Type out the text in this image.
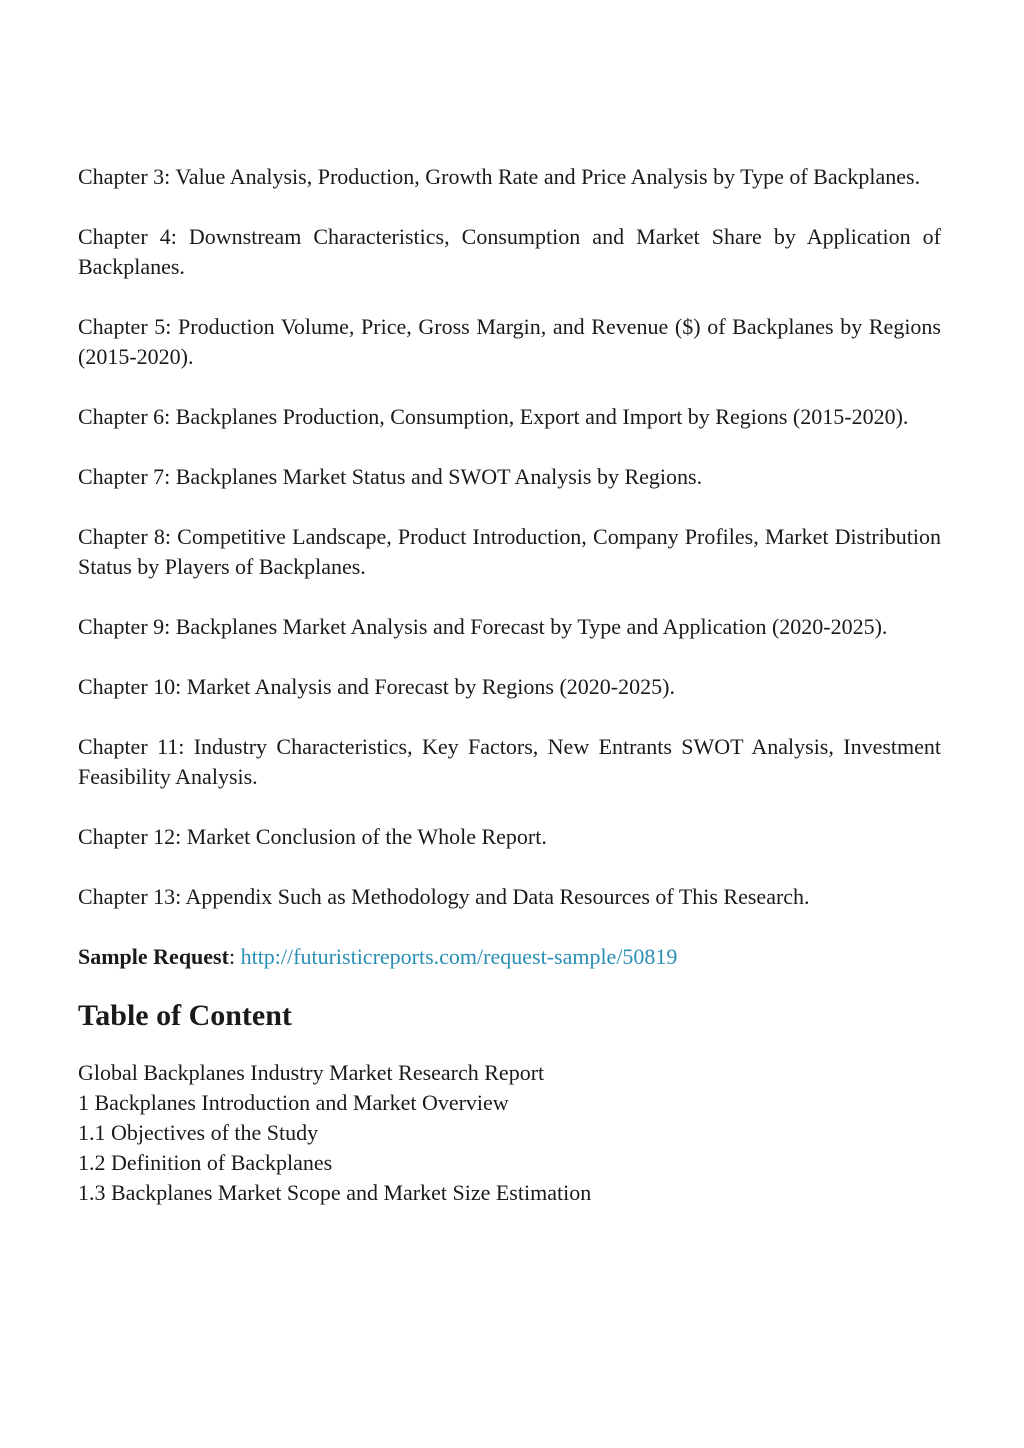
Chapter 3: Value Analysis, Production, Growth Rate and Price Analysis by Type of Backplanes.

Chapter 4: Downstream Characteristics, Consumption and Market Share by Application of Backplanes.

Chapter 5: Production Volume, Price, Gross Margin, and Revenue ($) of Backplanes by Regions (2015-2020).

Chapter 6: Backplanes Production, Consumption, Export and Import by Regions (2015-2020).

Chapter 7: Backplanes Market Status and SWOT Analysis by Regions.

Chapter 8: Competitive Landscape, Product Introduction, Company Profiles, Market Distribution Status by Players of Backplanes.

Chapter 9: Backplanes Market Analysis and Forecast by Type and Application (2020-2025).

Chapter 10: Market Analysis and Forecast by Regions (2020-2025).

Chapter 11: Industry Characteristics, Key Factors, New Entrants SWOT Analysis, Investment Feasibility Analysis.

Chapter 12: Market Conclusion of the Whole Report.

Chapter 13: Appendix Such as Methodology and Data Resources of This Research.

Sample Request: http://futuristicreports.com/request-sample/50819

Table of Content

Global Backplanes Industry Market Research Report

1 Backplanes Introduction and Market Overview

1.1 Objectives of the Study

1.2 Definition of Backplanes

1.3 Backplanes Market Scope and Market Size Estimation
